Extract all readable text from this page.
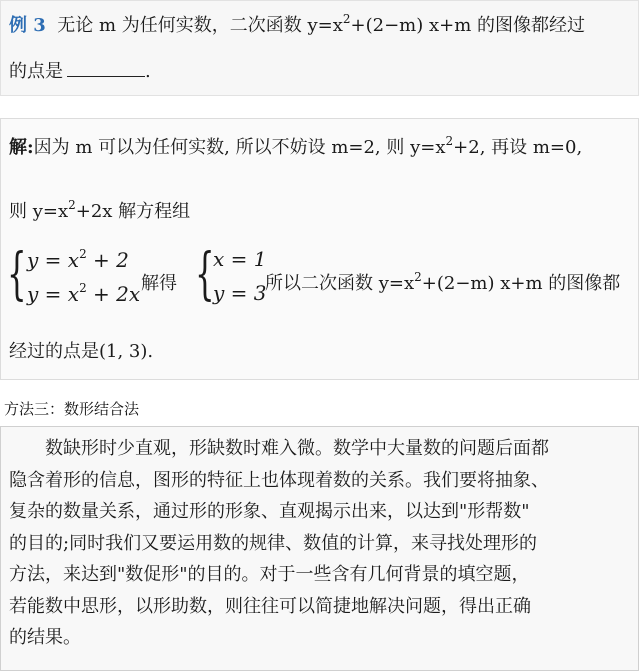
例 3 无论 m 为任何实数，二次函数 $y=x^2+(2-m)$ x+m 的图像都经过
的点是	.
解:因为 m 可以为任何实数, 所以不妨设 m=2, 则 $y=x^2+2$, 再设 m=0,
则 $y=x^2+2x$ 解方程组
{ $y = x^2 + 2$
$y = x^2 + 2x$ 解得 {
x = 1
y = 3
所以二次函数 $y=x^2+(2-m)$ x+m 的图像都
经过的点是(1, 3).
方法三：数形结合法
数缺形时少直观，形缺数时难入微。数学中大量数的问题后面都
隐含着形的信息，图形的特征上也体现着数的关系。我们要将抽象、
复杂的数量关系，通过形的形象、直观揭示出来，以达到"形帮数"
的目的;同时我们又要运用数的规律、数值的计算，来寻找处理形的
方法，来达到"数促形"的目的。对于一些含有几何背景的填空题，
若能数中思形，以形助数，则往往可以简捷地解决问题，得出正确
的结果。
